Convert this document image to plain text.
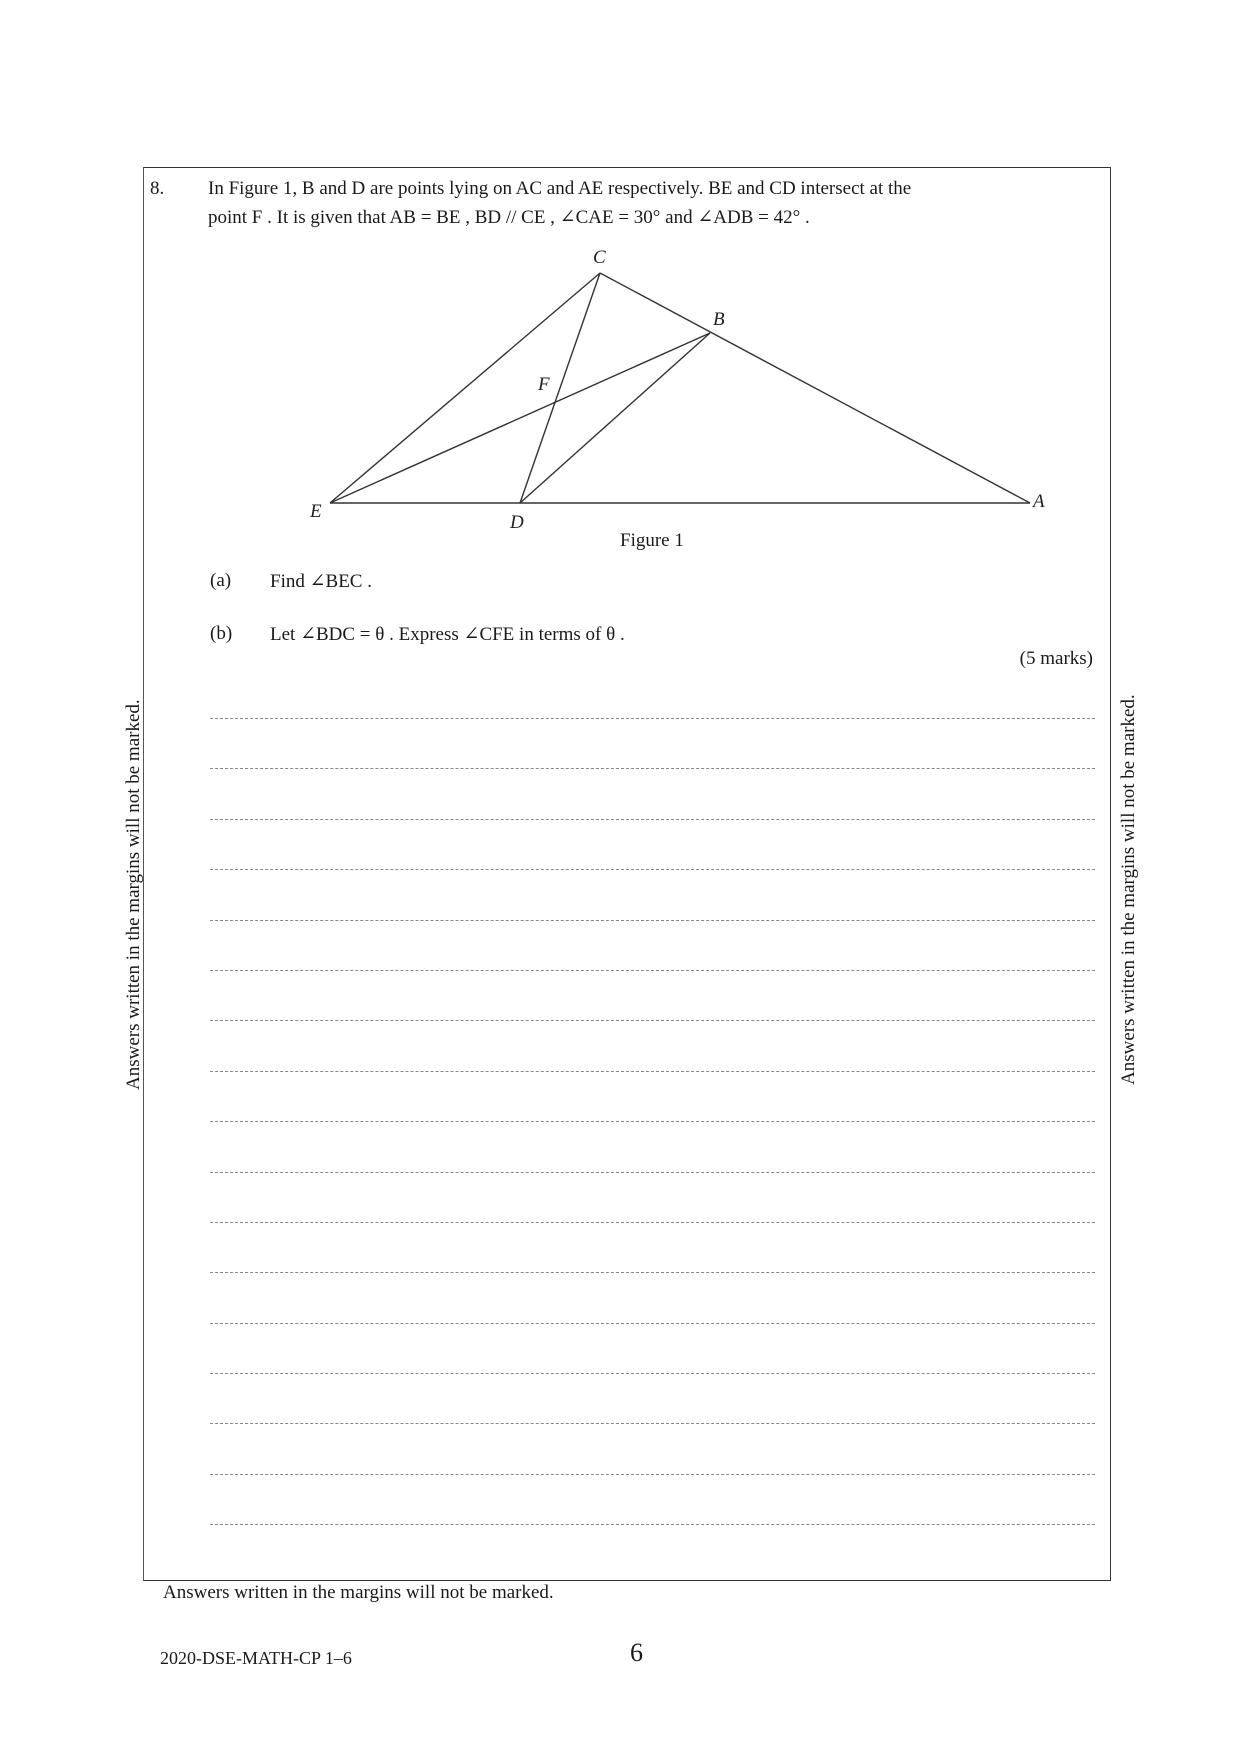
8. In Figure 1, B and D are points lying on AC and AE respectively. BE and CD intersect at the
point F . It is given that AB = BE , BD // CE , ∠CAE = 30° and ∠ADB = 42° .
C
B
F
E
D
A
Figure 1
(a) Find ∠BEC .
(b) Let ∠BDC = θ . Express ∠CFE in terms of θ .
(5 marks)
Answers written in the margins will not be marked.	Answers written in the margins will not be marked.
Answers written in the margins will not be marked.
2020-DSE-MATH-CP 1–6	6
